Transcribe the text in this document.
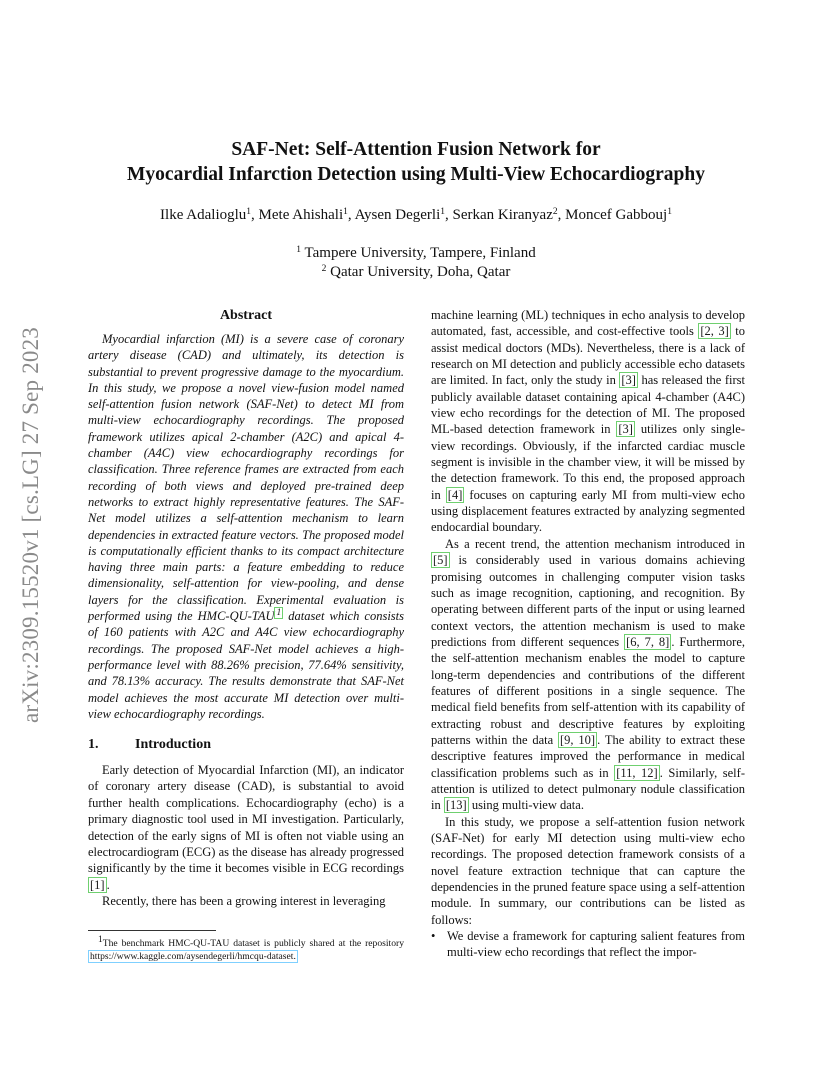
arXiv:2309.15520v1 [cs.LG] 27 Sep 2023
SAF-Net: Self-Attention Fusion Network for
Myocardial Infarction Detection using Multi-View Echocardiography
Ilke Adalioglu$^1$, Mete Ahishali$^1$, Aysen Degerli$^1$, Serkan Kiranyaz$^2$, Moncef Gabbouj$^1$
$^1$ Tampere University, Tampere, Finland
$^2$ Qatar University, Doha, Qatar
Abstract

Myocardial infarction (MI) is a severe case of coronary artery disease (CAD) and ultimately, its detection is substantial to prevent progressive damage to the myocardium. In this study, we propose a novel view-fusion model named self-attention fusion network (SAF-Net) to detect MI from multi-view echocardiography recordings. The proposed framework utilizes apical 2-chamber (A2C) and apical 4-chamber (A4C) view echocardiography recordings for classification. Three reference frames are extracted from each recording of both views and deployed pre-trained deep networks to extract highly representative features. The SAF-Net model utilizes a self-attention mechanism to learn dependencies in extracted feature vectors. The proposed model is computationally efficient thanks to its compact architecture having three main parts: a feature embedding to reduce dimensionality, self-attention for view-pooling, and dense layers for the classification. Experimental evaluation is performed using the HMC-QU-TAU $^1$ dataset which consists of 160 patients with A2C and A4C view echocardiography recordings. The proposed SAF-Net model achieves a high-performance level with 88.26% precision, 77.64% sensitivity, and 78.13% accuracy. The results demonstrate that SAF-Net model achieves the most accurate MI detection over multi-view echocardiography recordings.

1.	Introduction

Early detection of Myocardial Infarction (MI), an indicator of coronary artery disease (CAD), is substantial to avoid further health complications. Echocardiography (echo) is a primary diagnostic tool used in MI investigation. Particularly, detection of the early signs of MI is often not viable using an electrocardiogram (ECG) as the disease has already progressed significantly by the time it becomes visible in ECG recordings [1] .

Recently, there has been a growing interest in leveraging

$^1$The benchmark HMC-QU-TAU dataset is publicly shared at the repository https://www.kaggle.com/aysendegerli/hmcqu-dataset.

machine learning (ML) techniques in echo analysis to develop automated, fast, accessible, and cost-effective tools [2, 3] to assist medical doctors (MDs). Nevertheless, there is a lack of research on MI detection and publicly accessible echo datasets are limited. In fact, only the study in [3] has released the first publicly available dataset containing apical 4-chamber (A4C) view echo recordings for the detection of MI. The proposed ML-based detection framework in [3] utilizes only single-view recordings. Obviously, if the infarcted cardiac muscle segment is invisible in the chamber view, it will be missed by the detection framework. To this end, the proposed approach in [4] focuses on capturing early MI from multi-view echo using displacement features extracted by analyzing segmented endocardial boundary.

As a recent trend, the attention mechanism introduced in [5] is considerably used in various domains achieving promising outcomes in challenging computer vision tasks such as image recognition, captioning, and recognition. By operating between different parts of the input or using learned context vectors, the attention mechanism is used to make predictions from different sequences [6, 7, 8] . Furthermore, the self-attention mechanism enables the model to capture long-term dependencies and contributions of the different features of different positions in a single sequence. The medical field benefits from self-attention with its capability of extracting robust and descriptive features by exploiting patterns within the data [9, 10] . The ability to extract these descriptive features improved the performance in medical classification problems such as in [11, 12] . Similarly, self-attention is utilized to detect pulmonary nodule classification in [13] using multi-view data.

In this study, we propose a self-attention fusion network (SAF-Net) for early MI detection using multi-view echo recordings. The proposed detection framework consists of a novel feature extraction technique that can capture the dependencies in the pruned feature space using a self-attention module. In summary, our contributions can be listed as follows:

• We devise a framework for capturing salient features from multi-view echo recordings that reflect the impor-
